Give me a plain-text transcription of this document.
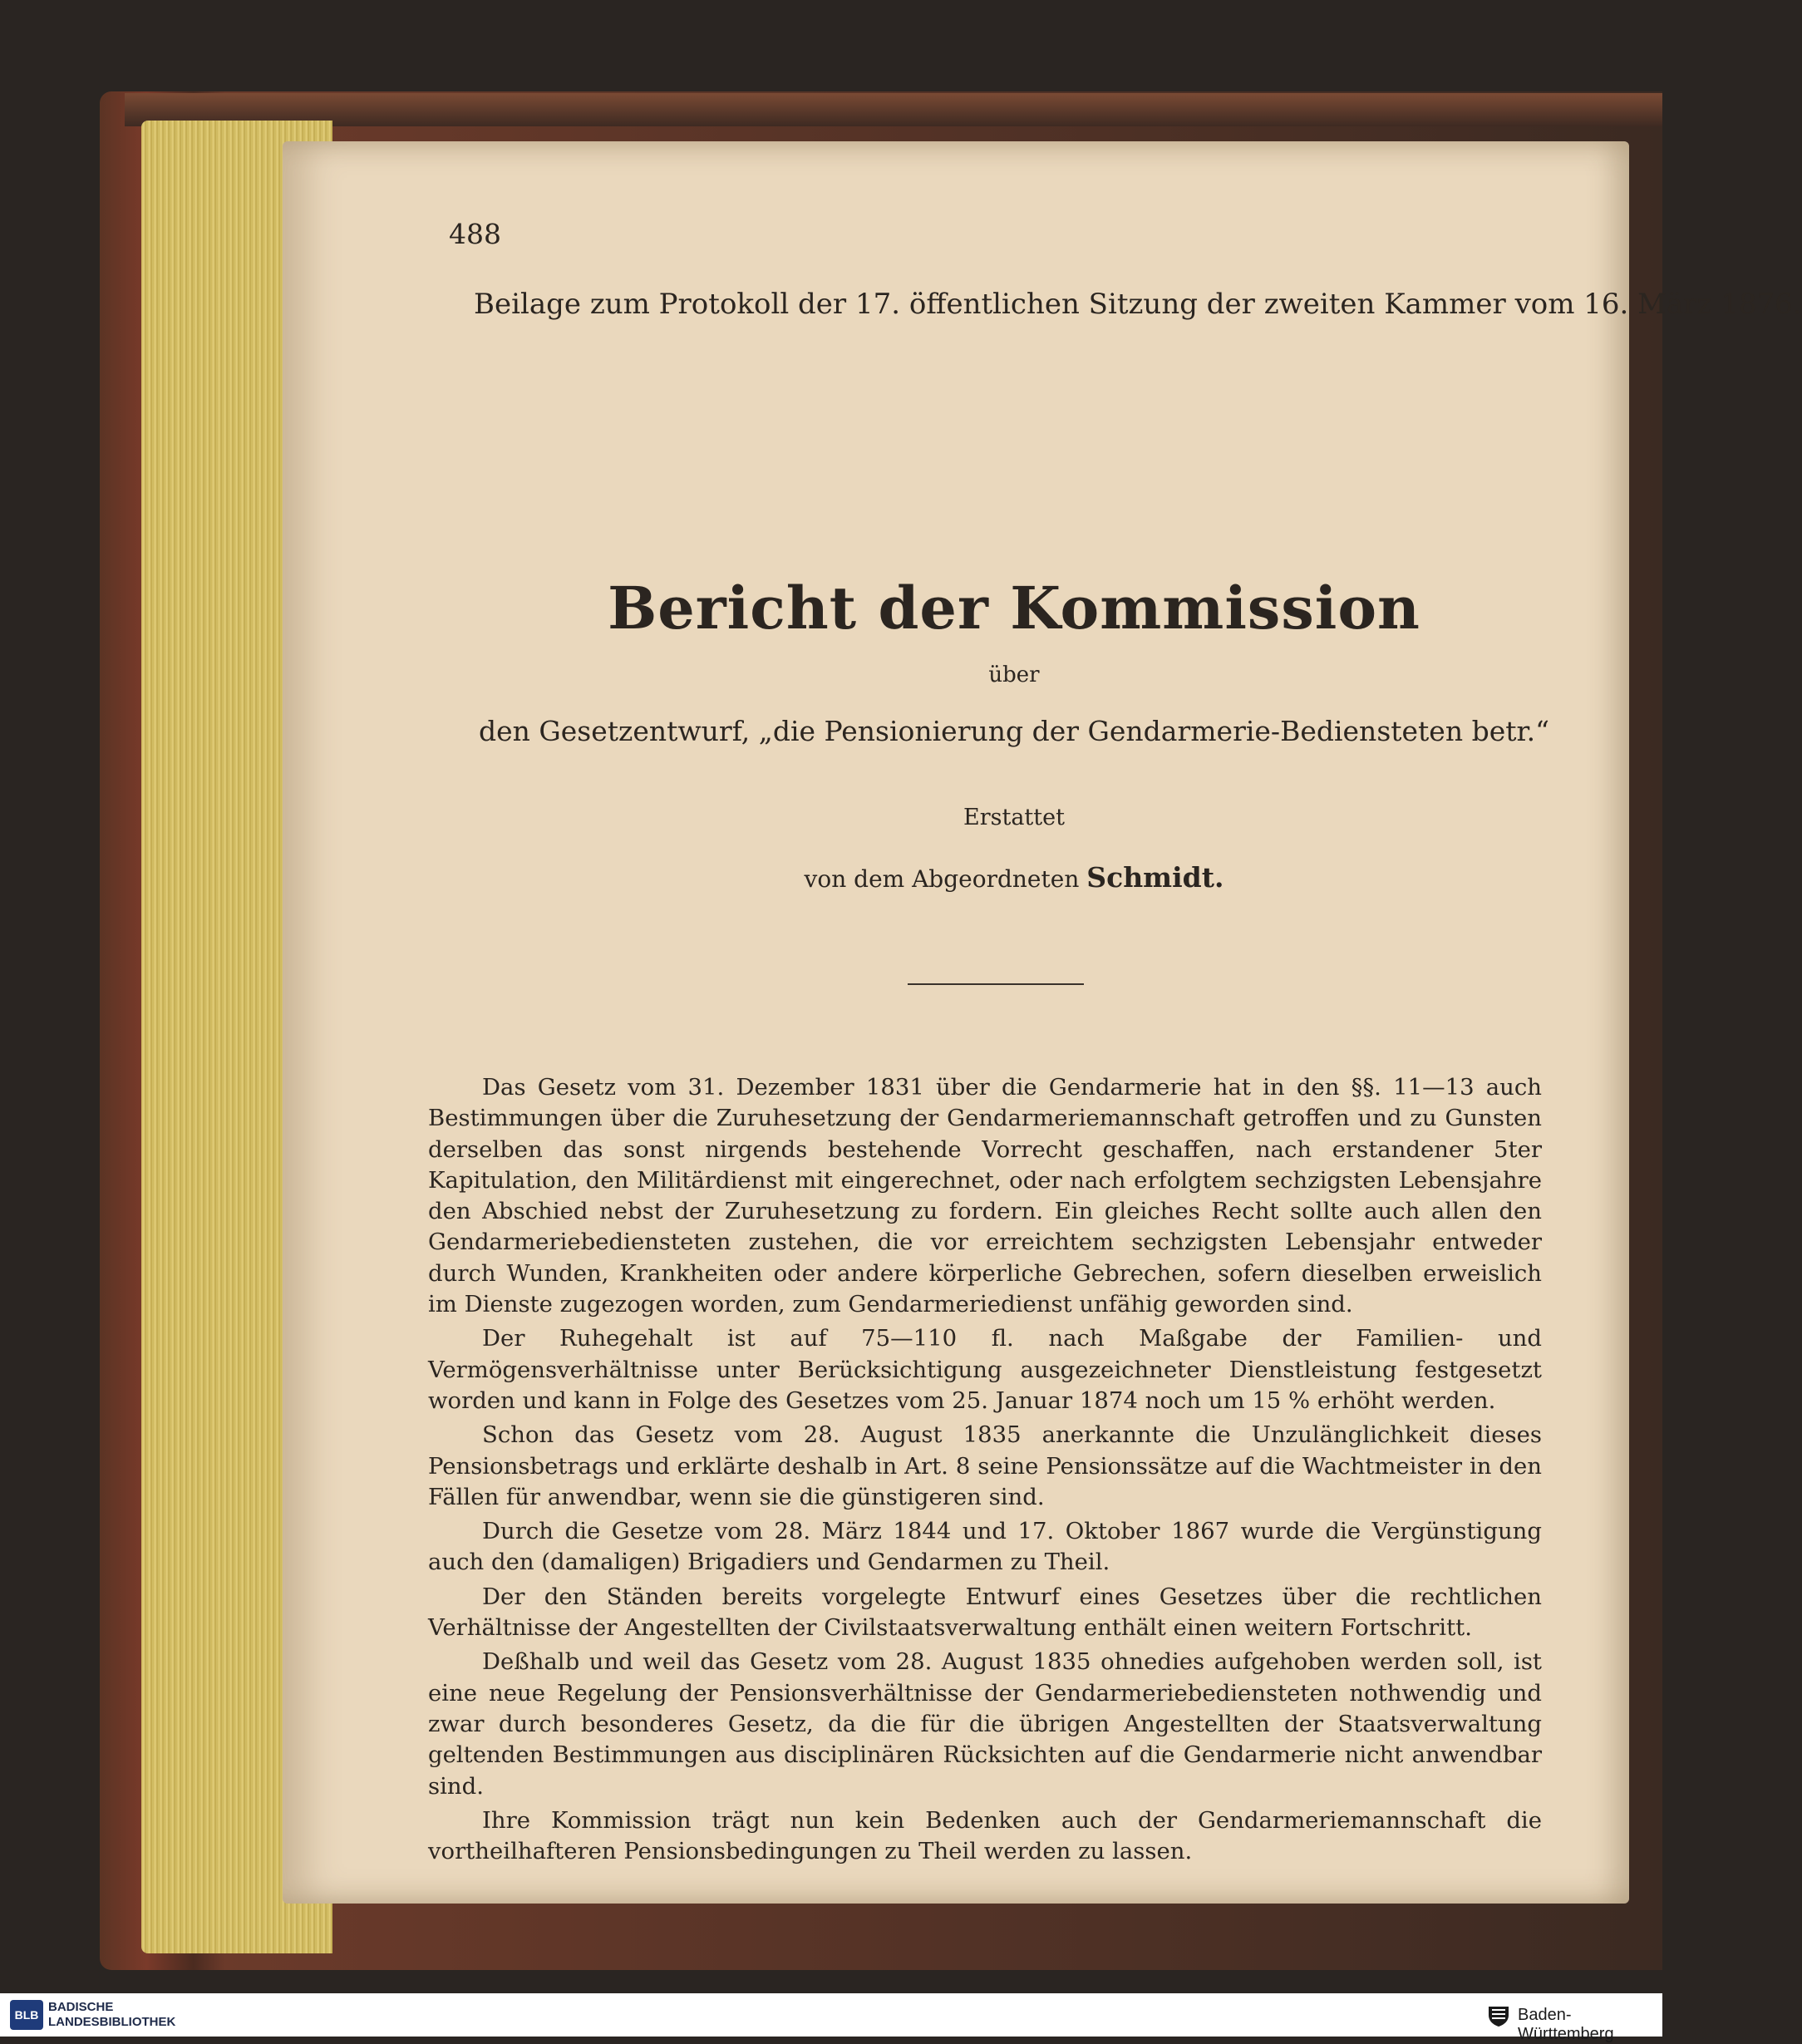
488
Beilage zum Protokoll der 17. öffentlichen Sitzung der zweiten Kammer vom 16. März 1876.
Bericht der Kommission
über
den Gesetzentwurf, „die Pensionierung der Gendarmerie-Bediensteten betr.“
Erstattet
von dem Abgeordneten Schmidt.

Das Gesetz vom 31. Dezember 1831 über die Gendarmerie hat in den §§. 11—13 auch Bestimmungen über die Zuruhesetzung der Gendarmeriemannschaft getroffen und zu Gunsten derselben das sonst nirgends bestehende Vorrecht geschaffen, nach erstandener 5ter Kapitulation, den Militärdienst mit eingerechnet, oder nach erfolgtem sechzigsten Lebensjahre den Abschied nebst der Zuruhesetzung zu fordern. Ein gleiches Recht sollte auch allen den Gendarmeriebediensteten zustehen, die vor erreichtem sechzigsten Lebensjahr entweder durch Wunden, Krankheiten oder andere körperliche Gebrechen, sofern dieselben erweislich im Dienste zugezogen worden, zum Gendarmeriedienst unfähig geworden sind.

Der Ruhegehalt ist auf 75—110 fl. nach Maßgabe der Familien- und Vermögensverhältnisse unter Berücksichtigung ausgezeichneter Dienstleistung festgesetzt worden und kann in Folge des Gesetzes vom 25. Januar 1874 noch um 15 % erhöht werden.

Schon das Gesetz vom 28. August 1835 anerkannte die Unzulänglichkeit dieses Pensionsbetrags und erklärte deshalb in Art. 8 seine Pensionssätze auf die Wachtmeister in den Fällen für anwendbar, wenn sie die günstigeren sind.

Durch die Gesetze vom 28. März 1844 und 17. Oktober 1867 wurde die Vergünstigung auch den (damaligen) Brigadiers und Gendarmen zu Theil.

Der den Ständen bereits vorgelegte Entwurf eines Gesetzes über die rechtlichen Verhältnisse der Angestellten der Civilstaatsverwaltung enthält einen weitern Fortschritt.

Deßhalb und weil das Gesetz vom 28. August 1835 ohnedies aufgehoben werden soll, ist eine neue Regelung der Pensionsverhältnisse der Gendarmeriebediensteten nothwendig und zwar durch besonderes Gesetz, da die für die übrigen Angestellten der Staatsverwaltung geltenden Bestimmungen aus disciplinären Rücksichten auf die Gendarmerie nicht anwendbar sind.

Ihre Kommission trägt nun kein Bedenken auch der Gendarmeriemannschaft die vortheilhafteren Pensionsbedingungen zu Theil werden zu lassen.

BLB
BADISCHE
LANDESBIBLIOTHEK	Baden-Württemberg
